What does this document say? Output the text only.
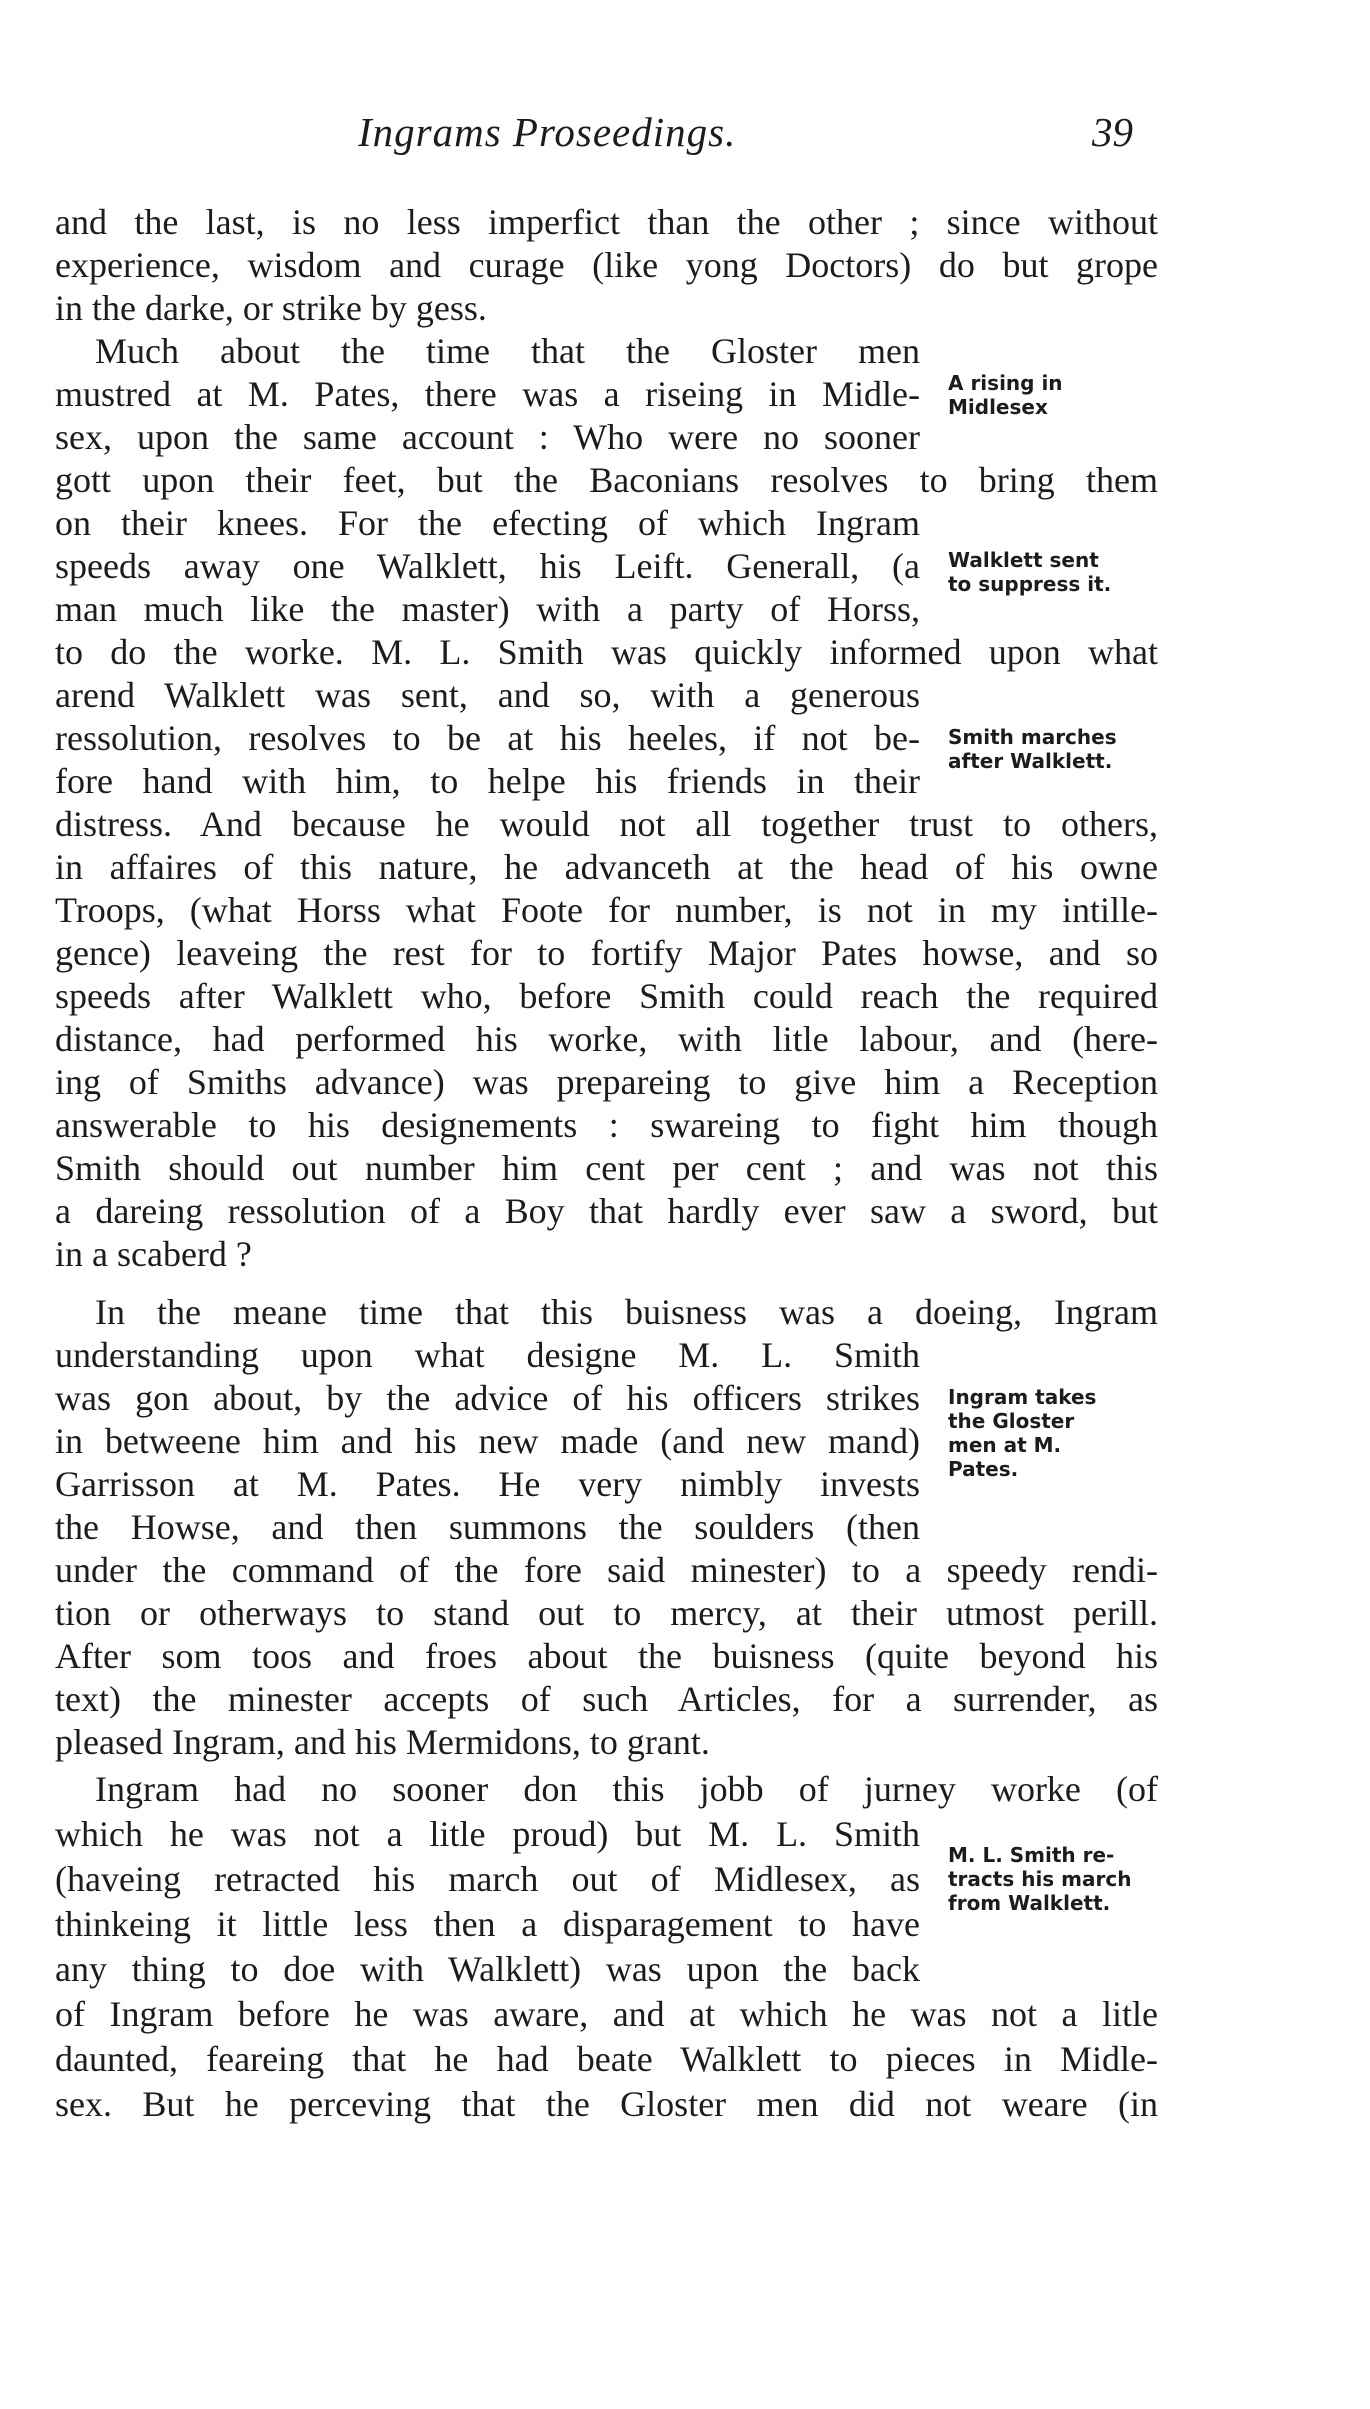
Ingrams Proseedings.	39

and the last, is no less imperfict than the other ; since without

experience, wisdom and curage (like yong Doctors) do but grope

in the darke, or strike by gess.

Much about the time that the Gloster men

mustred at M. Pates, there was a riseing in Midle-

sex, upon the same account : Who were no sooner

gott upon their feet, but the Baconians resolves to bring them

on their knees. For the efecting of which Ingram

speeds away one Walklett, his Leift. Generall, (a

man much like the master) with a party of Horss,

to do the worke. M. L. Smith was quickly informed upon what

arend Walklett was sent, and so, with a generous

ressolution, resolves to be at his heeles, if not be-

fore hand with him, to helpe his friends in their

distress. And because he would not all together trust to others,

in affaires of this nature, he advanceth at the head of his owne

Troops, (what Horss what Foote for number, is not in my intille-

gence) leaveing the rest for to fortify Major Pates howse, and so

speeds after Walklett who, before Smith could reach the required

distance, had performed his worke, with litle labour, and (here-

ing of Smiths advance) was prepareing to give him a Reception

answerable to his designements : swareing to fight him though

Smith should out number him cent per cent ; and was not this

a dareing ressolution of a Boy that hardly ever saw a sword, but

in a scaberd ?

In the meane time that this buisness was a doeing, Ingram

understanding upon what designe M. L. Smith

was gon about, by the advice of his officers strikes

in betweene him and his new made (and new mand)

Garrisson at M. Pates. He very nimbly invests

the Howse, and then summons the soulders (then

under the command of the fore said minester) to a speedy rendi-

tion or otherways to stand out to mercy, at their utmost perill.

After som toos and froes about the buisness (quite beyond his

text) the minester accepts of such Articles, for a surrender, as

pleased Ingram, and his Mermidons, to grant.

Ingram had no sooner don this jobb of jurney worke (of

which he was not a litle proud) but M. L. Smith

(haveing retracted his march out of Midlesex, as

thinkeing it little less then a disparagement to have

any thing to doe with Walklett) was upon the back

of Ingram before he was aware, and at which he was not a litle

daunted, feareing that he had beate Walklett to pieces in Midle-

sex. But he perceving that the Gloster men did not weare (in

A rising in
Midlesex
Walklett sent
to suppress it.
Smith marches
after Walklett.
Ingram takes
the Gloster
men at M.
Pates.
M. L. Smith re-
tracts his march
from Walklett.
